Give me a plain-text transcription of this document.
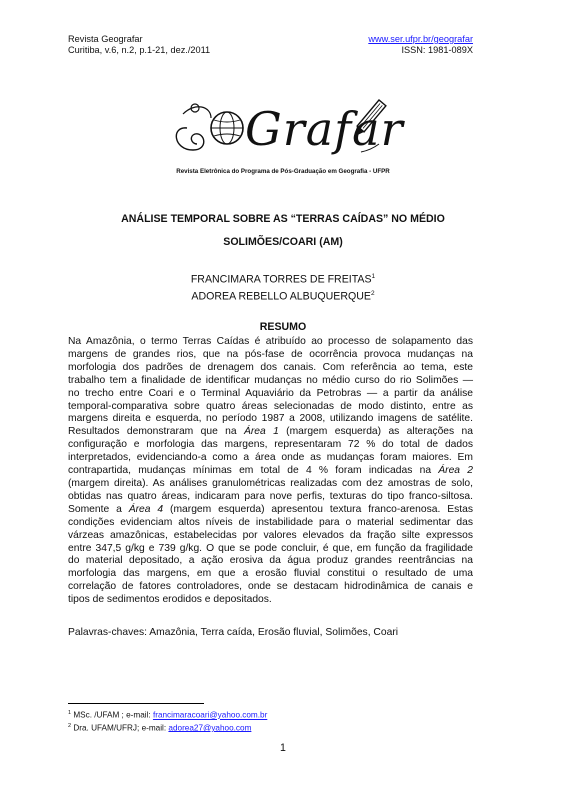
Revista Geografar
Curitiba, v.6, n.2, p.1-21, dez./2011
www.ser.ufpr.br/geografar
ISSN: 1981-089X
Grafar
Revista Eletrônica do Programa de Pós-Graduação em Geografia - UFPR
ANÁLISE TEMPORAL SOBRE AS “TERRAS CAÍDAS” NO MÉDIO
SOLIMÕES/COARI (AM)
FRANCIMARA TORRES DE FREITAS$^1$
ADOREA REBELLO ALBUQUERQUE$^2$
RESUMO
Na Amazônia, o termo Terras Caídas é atribuído ao processo de solapamento das
margens de grandes rios, que na pós-fase de ocorrência provoca mudanças na
morfologia dos padrões de drenagem dos canais. Com referência ao tema, este
trabalho tem a finalidade de identificar mudanças no médio curso do rio Solimões —
no trecho entre Coari e o Terminal Aquaviário da Petrobras — a partir da análise
temporal-comparativa sobre quatro áreas selecionadas de modo distinto, entre as
margens direita e esquerda, no período 1987 a 2008, utilizando imagens de satélite.
Resultados demonstraram que na Área 1 (margem esquerda) as alterações na
configuração e morfologia das margens, representaram 72 % do total de dados
interpretados, evidenciando-a como a área onde as mudanças foram maiores. Em
contrapartida, mudanças mínimas em total de 4 % foram indicadas na Área 2
(margem direita). As análises granulométricas realizadas com dez amostras de solo,
obtidas nas quatro áreas, indicaram para nove perfis, texturas do tipo franco-siltosa.
Somente a Área 4 (margem esquerda) apresentou textura franco-arenosa. Estas
condições evidenciam altos níveis de instabilidade para o material sedimentar das
várzeas amazônicas, estabelecidas por valores elevados da fração silte expressos
entre 347,5 g/kg e 739 g/kg. O que se pode concluir, é que, em função da fragilidade
do material depositado, a ação erosiva da água produz grandes reentrâncias na
morfologia das margens, em que a erosão fluvial constitui o resultado de uma
correlação de fatores controladores, onde se destacam hidrodinâmica de canais e
tipos de sedimentos erodidos e depositados.
Palavras-chaves: Amazônia, Terra caída, Erosão fluvial, Solimões, Coari
$^1$ MSc. /UFAM ; e-mail: francimaracoari@yahoo.com.br
$^2$ Dra. UFAM/UFRJ; e-mail: adorea27@yahoo.com
1
